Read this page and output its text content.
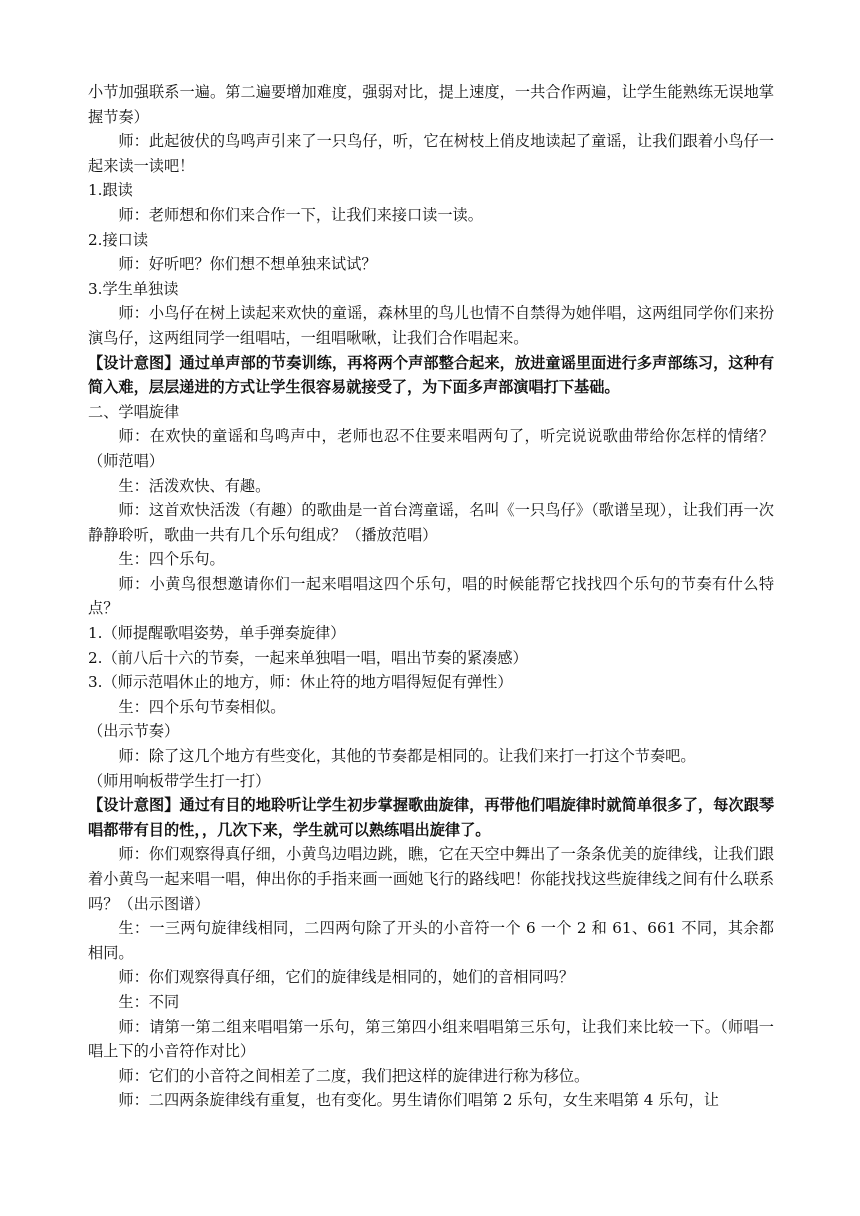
小节加强联系一遍。第二遍要增加难度，强弱对比，提上速度，一共合作两遍，让学生能熟练无误地掌握节奏）

师：此起彼伏的鸟鸣声引来了一只鸟仔，听，它在树枝上俏皮地读起了童谣，让我们跟着小鸟仔一起来读一读吧！

1.跟读

师：老师想和你们来合作一下，让我们来接口读一读。

2.接口读

师：好听吧？你们想不想单独来试试？

3.学生单独读

师：小鸟仔在树上读起来欢快的童谣，森林里的鸟儿也情不自禁得为她伴唱，这两组同学你们来扮演鸟仔，这两组同学一组唱咕，一组唱啾啾，让我们合作唱起来。

【设计意图】通过单声部的节奏训练，再将两个声部整合起来，放进童谣里面进行多声部练习，这种有简入难，层层递进的方式让学生很容易就接受了，为下面多声部演唱打下基础。

二、学唱旋律

师：在欢快的童谣和鸟鸣声中，老师也忍不住要来唱两句了，听完说说歌曲带给你怎样的情绪？（师范唱）

生：活泼欢快、有趣。

师：这首欢快活泼（有趣）的歌曲是一首台湾童谣，名叫《一只鸟仔》（歌谱呈现），让我们再一次静静聆听，歌曲一共有几个乐句组成？（播放范唱）

生：四个乐句。

师：小黄鸟很想邀请你们一起来唱唱这四个乐句，唱的时候能帮它找找四个乐句的节奏有什么特点？

1.（师提醒歌唱姿势，单手弹奏旋律）

2.（前八后十六的节奏，一起来单独唱一唱，唱出节奏的紧凑感）

3.（师示范唱休止的地方，师：休止符的地方唱得短促有弹性）

生：四个乐句节奏相似。

（出示节奏）

师：除了这几个地方有些变化，其他的节奏都是相同的。让我们来打一打这个节奏吧。

（师用响板带学生打一打）

【设计意图】通过有目的地聆听让学生初步掌握歌曲旋律，再带他们唱旋律时就简单很多了，每次跟琴唱都带有目的性，，几次下来，学生就可以熟练唱出旋律了。

师：你们观察得真仔细，小黄鸟边唱边跳，瞧，它在天空中舞出了一条条优美的旋律线，让我们跟着小黄鸟一起来唱一唱，伸出你的手指来画一画她飞行的路线吧！你能找找这些旋律线之间有什么联系吗？（出示图谱）

生：一三两句旋律线相同，二四两句除了开头的小音符一个 6 一个 2 和 61、661 不同，其余都相同。

师：你们观察得真仔细，它们的旋律线是相同的，她们的音相同吗？

生：不同

师：请第一第二组来唱唱第一乐句，第三第四小组来唱唱第三乐句，让我们来比较一下。（师唱一唱上下的小音符作对比）

师：它们的小音符之间相差了二度，我们把这样的旋律进行称为移位。

师：二四两条旋律线有重复，也有变化。男生请你们唱第 2 乐句，女生来唱第 4 乐句，让
